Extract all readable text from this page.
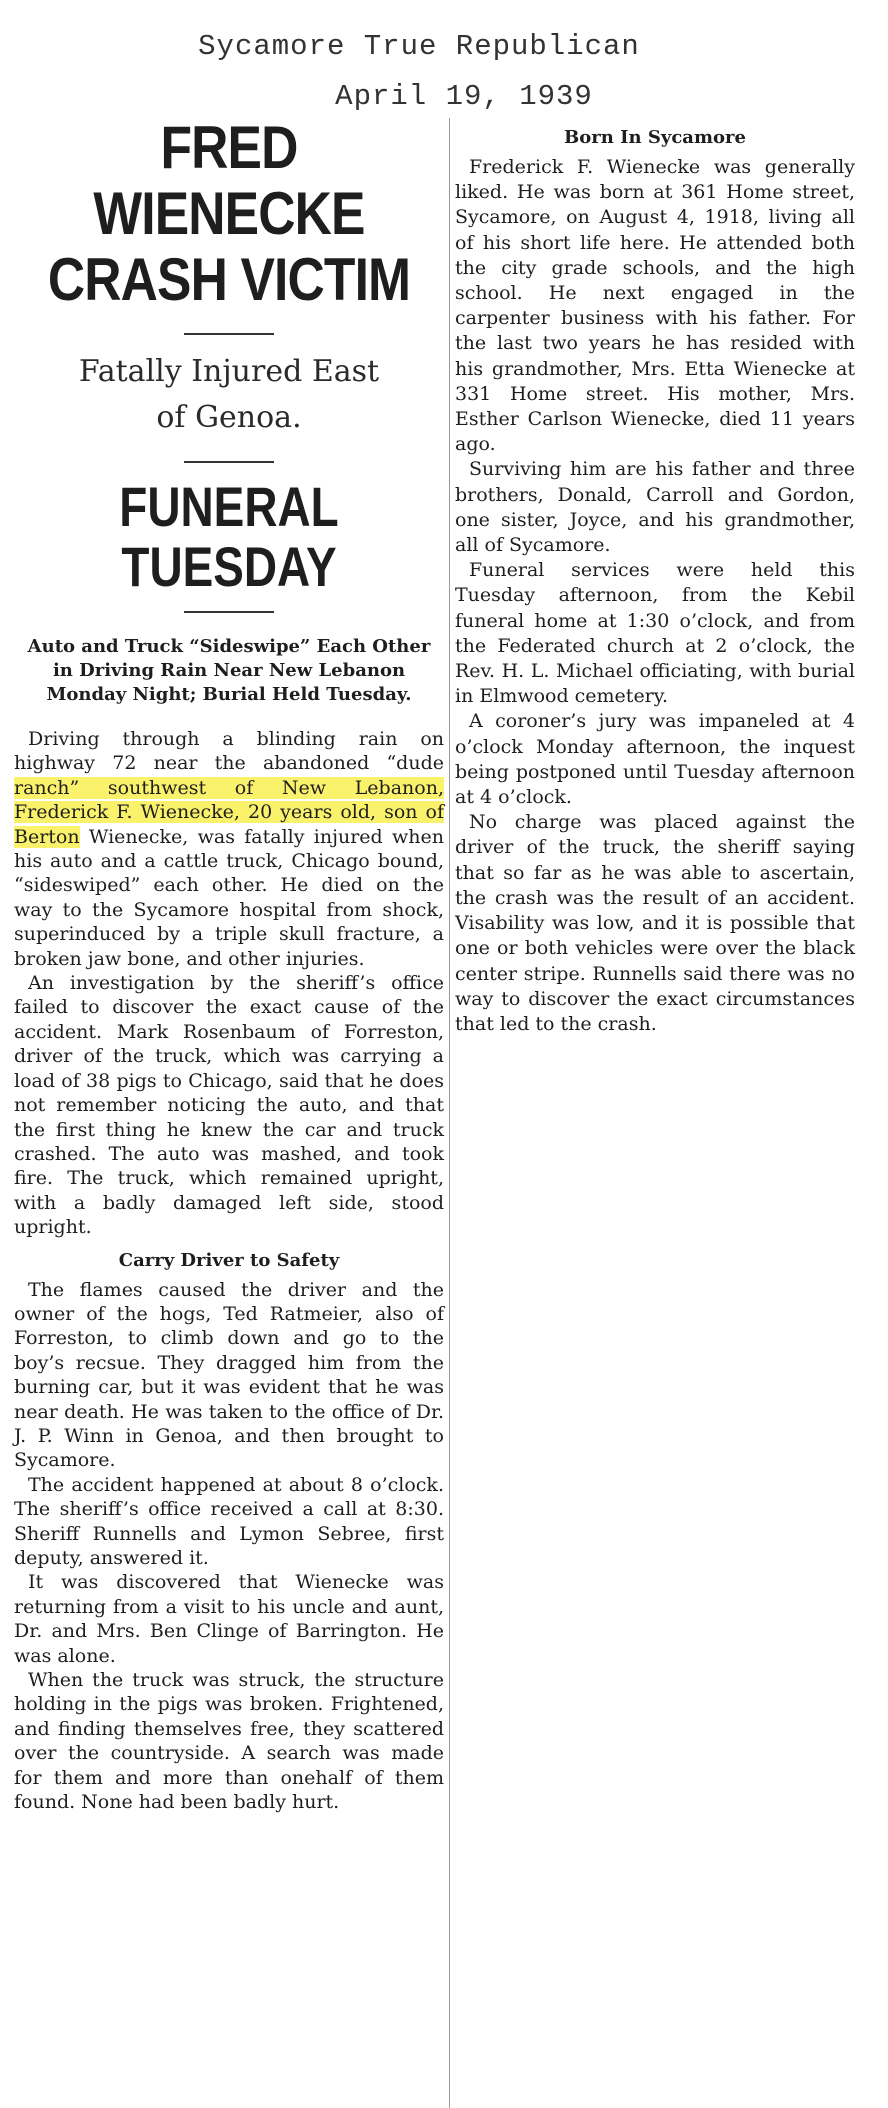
Sycamore True Republican
April 19, 1939
FRED WIENECKE
CRASH VICTIM
Fatally Injured East
of Genoa.
FUNERAL TUESDAY
Auto and Truck “Sideswipe” Each Other in Driving Rain Near New Lebanon Monday Night; Burial Held Tuesday.

Driving through a blinding rain on highway 72 near the abandoned “dude ranch” southwest of New Lebanon, Frederick F. Wienecke, 20 years old, son of Berton Wienecke, was fatally injured when his auto and a cattle truck, Chicago bound, “sideswiped” each other. He died on the way to the Sycamore hospital from shock, superinduced by a triple skull fracture, a broken jaw bone, and other injuries.

An investigation by the sheriff’s office failed to discover the exact cause of the accident. Mark Rosenbaum of Forreston, driver of the truck, which was carrying a load of 38 pigs to Chicago, said that he does not remember noticing the auto, and that the first thing he knew the car and truck crashed. The auto was mashed, and took fire. The truck, which remained upright, with a badly damaged left side, stood upright.

Carry Driver to Safety

The flames caused the driver and the owner of the hogs, Ted Ratmeier, also of Forreston, to climb down and go to the boy’s recsue. They dragged him from the burning car, but it was evident that he was near death. He was taken to the office of Dr. J. P. Winn in Genoa, and then brought to Sycamore.

The accident happened at about 8 o’clock. The sheriff’s office received a call at 8:30. Sheriff Runnells and Lymon Sebree, first deputy, answered it.

It was discovered that Wienecke was returning from a visit to his uncle and aunt, Dr. and Mrs. Ben Clinge of Barrington. He was alone.

When the truck was struck, the structure holding in the pigs was broken. Frightened, and finding themselves free, they scattered over the countryside. A search was made for them and more than onehalf of them found. None had been badly hurt.

Born In Sycamore

Frederick F. Wienecke was generally liked. He was born at 361 Home street, Sycamore, on August 4, 1918, living all of his short life here. He attended both the city grade schools, and the high school. He next engaged in the carpenter business with his father. For the last two years he has resided with his grandmother, Mrs. Etta Wienecke at 331 Home street. His mother, Mrs. Esther Carlson Wienecke, died 11 years ago.

Surviving him are his father and three brothers, Donald, Carroll and Gordon, one sister, Joyce, and his grandmother, all of Sycamore.

Funeral services were held this Tuesday afternoon, from the Kebil funeral home at 1:30 o’clock, and from the Federated church at 2 o’clock, the Rev. H. L. Michael officiating, with burial in Elmwood cemetery.

A coroner’s jury was impaneled at 4 o’clock Monday afternoon, the inquest being postponed until Tuesday afternoon at 4 o’clock.

No charge was placed against the driver of the truck, the sheriff saying that so far as he was able to ascertain, the crash was the result of an accident. Visability was low, and it is possible that one or both vehicles were over the black center stripe. Runnells said there was no way to discover the exact circumstances that led to the crash.
